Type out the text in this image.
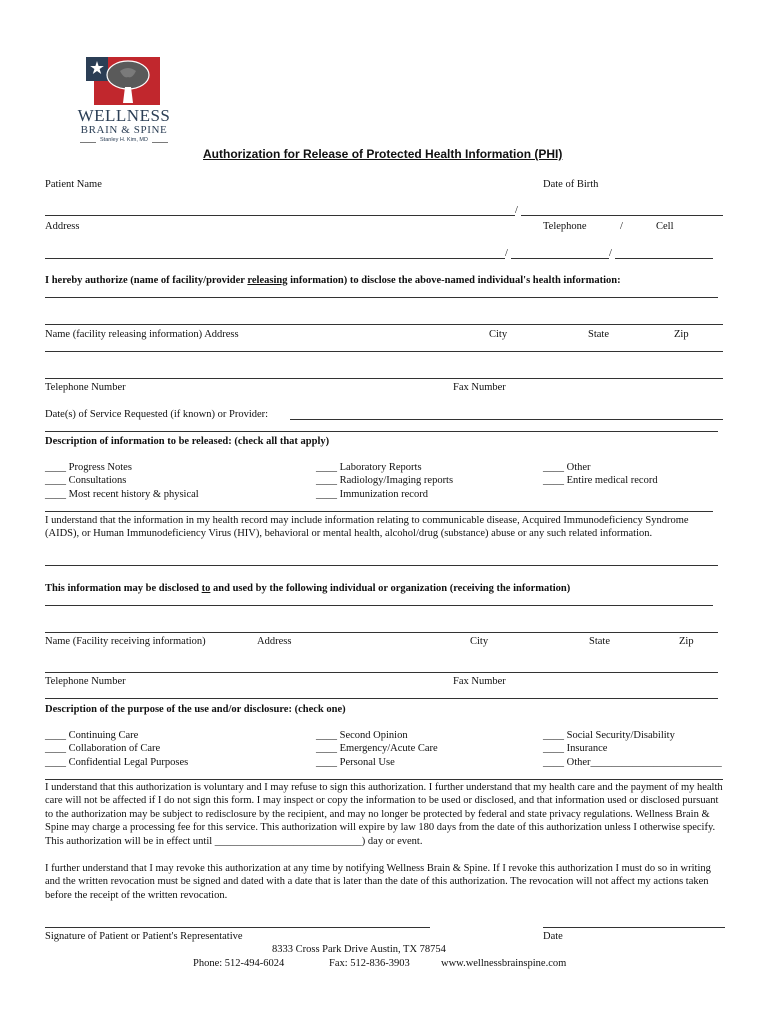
WELLNESS
BRAIN & SPINE
Stanley H. Kim, MD
Authorization for Release of Protected Health Information (PHI)
Patient Name	Date of Birth
/
Address	Telephone	/	Cell
/	/
I hereby authorize (name of facility/provider releasing information) to disclose the above-named individual's health information:
Name (facility releasing information) Address	City	State	Zip
Telephone Number	Fax Number
Date(s) of Service Requested (if known) or Provider:
Description of information to be released: (check all that apply)
____ Progress Notes
____ Consultations
____ Most recent history & physical
____ Laboratory Reports
____ Radiology/Imaging reports
____ Immunization record
____ Other
____ Entire medical record
I understand that the information in my health record may include information relating to communicable disease, Acquired Immunodeficiency Syndrome (AIDS), or Human Immunodeficiency Virus (HIV), behavioral or mental health, alcohol/drug (substance) abuse or any such related information.
This information may be disclosed to and used by the following individual or organization (receiving the information)
Name (Facility receiving information)	Address	City	State	Zip
Telephone Number	Fax Number
Description of the purpose of the use and/or disclosure: (check one)
____ Continuing Care
____ Collaboration of Care
____ Confidential Legal Purposes
____ Second Opinion
____ Emergency/Acute Care
____ Personal Use
____ Social Security/Disability
____ Insurance
____ Other_________________________
I understand that this authorization is voluntary and I may refuse to sign this authorization. I further understand that my health care and the payment of my health care will not be affected if I do not sign this form. I may inspect or copy the information to be used or disclosed, and that information used or disclosed pursuant to the authorization may be subject to redisclosure by the recipient, and may no longer be protected by federal and state privacy regulations. Wellness Brain & Spine may charge a processing fee for this service. This authorization will expire by law 180 days from the date of this authorization unless I otherwise specify. This authorization will be in effect until ____________________________) day or event.
I further understand that I may revoke this authorization at any time by notifying Wellness Brain & Spine. If I revoke this authorization I must do so in writing and the written revocation must be signed and dated with a date that is later than the date of this authorization. The revocation will not affect my actions taken before the receipt of the written revocation.
Signature of Patient or Patient's Representative	Date
8333 Cross Park Drive Austin, TX 78754
Phone: 512-494-6024	Fax: 512-836-3903	www.wellnessbrainspine.com
